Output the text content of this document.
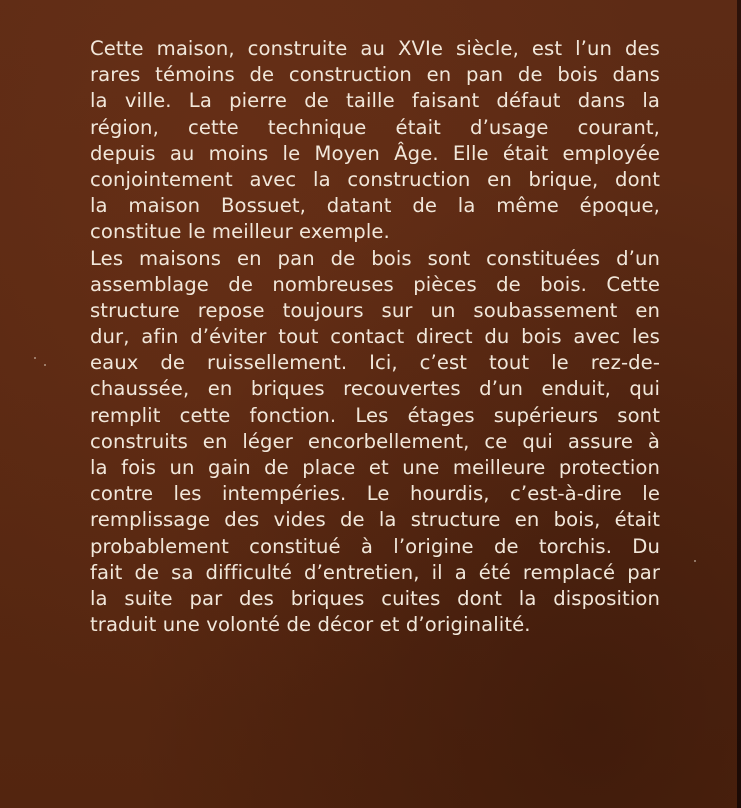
Cette maison, construite au XVIe siècle, est l’un des
rares témoins de construction en pan de bois dans
la ville. La pierre de taille faisant défaut dans la
région, cette technique était d’usage courant,
depuis au moins le Moyen Âge. Elle était employée
conjointement avec la construction en brique, dont
la maison Bossuet, datant de la même époque,
constitue le meilleur exemple.
Les maisons en pan de bois sont constituées d’un
assemblage de nombreuses pièces de bois. Cette
structure repose toujours sur un soubassement en
dur, afin d’éviter tout contact direct du bois avec les
eaux de ruissellement. Ici, c’est tout le rez-de-
chaussée, en briques recouvertes d’un enduit, qui
remplit cette fonction. Les étages supérieurs sont
construits en léger encorbellement, ce qui assure à
la fois un gain de place et une meilleure protection
contre les intempéries. Le hourdis, c’est-à-dire le
remplissage des vides de la structure en bois, était
probablement constitué à l’origine de torchis. Du
fait de sa difficulté d’entretien, il a été remplacé par
la suite par des briques cuites dont la disposition
traduit une volonté de décor et d’originalité.
